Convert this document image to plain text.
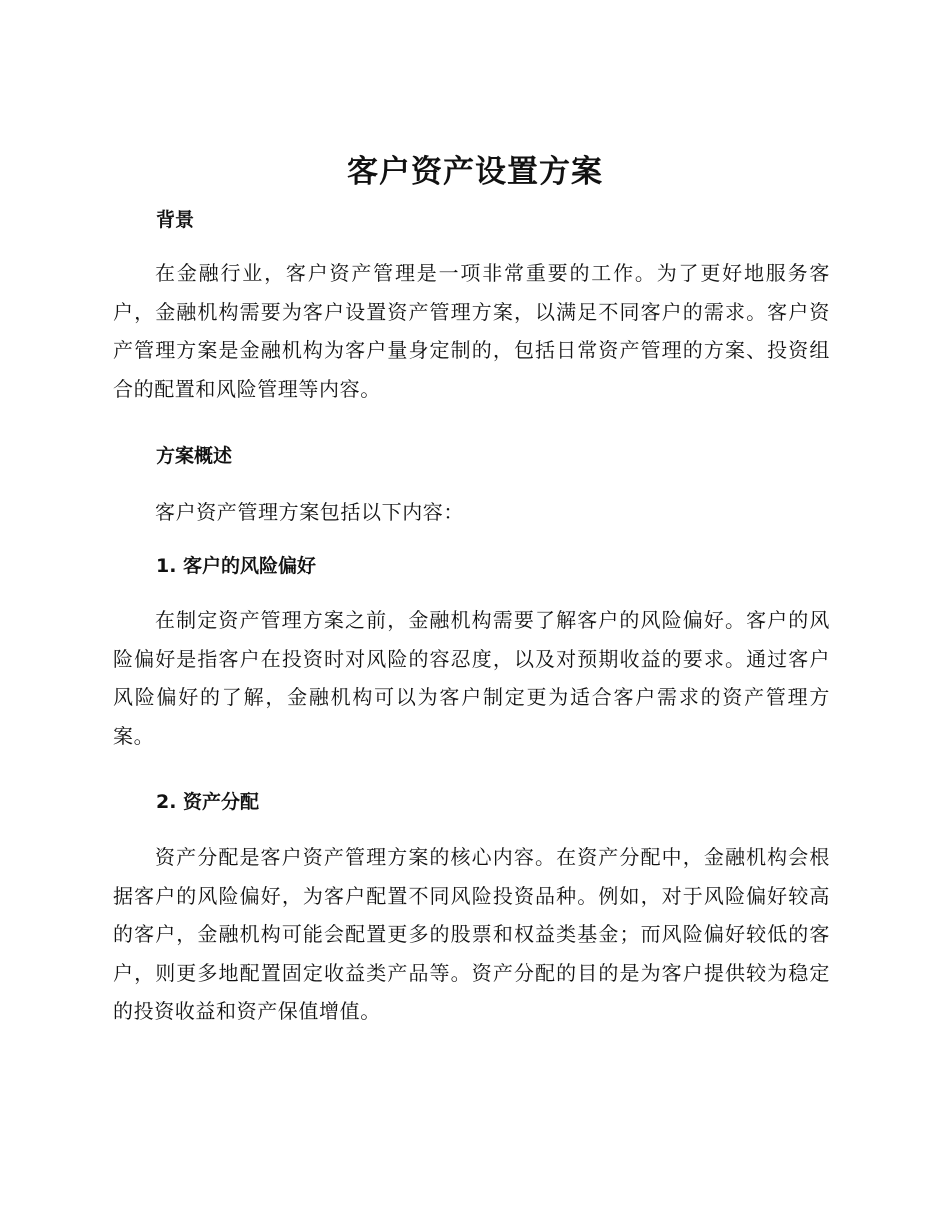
客户资产设置方案
背景

在金融行业，客户资产管理是一项非常重要的工作。为了更好地服务客户，金融机构需要为客户设置资产管理方案，以满足不同客户的需求。客户资产管理方案是金融机构为客户量身定制的，包括日常资产管理的方案、投资组合的配置和风险管理等内容。

方案概述

客户资产管理方案包括以下内容：

1. 客户的风险偏好

在制定资产管理方案之前，金融机构需要了解客户的风险偏好。客户的风险偏好是指客户在投资时对风险的容忍度，以及对预期收益的要求。通过客户风险偏好的了解，金融机构可以为客户制定更为适合客户需求的资产管理方案。

2. 资产分配

资产分配是客户资产管理方案的核心内容。在资产分配中，金融机构会根据客户的风险偏好，为客户配置不同风险投资品种。例如，对于风险偏好较高的客户，金融机构可能会配置更多的股票和权益类基金；而风险偏好较低的客户，则更多地配置固定收益类产品等。资产分配的目的是为客户提供较为稳定的投资收益和资产保值增值。
